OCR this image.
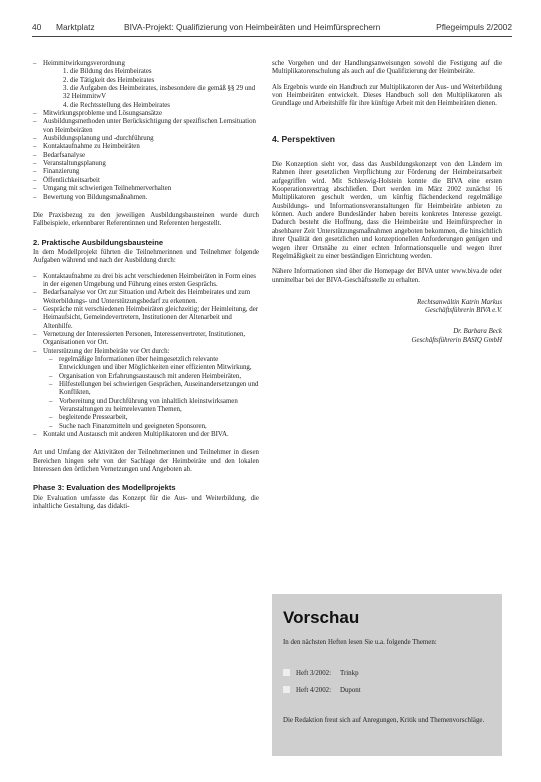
40 Marktplatz	BIVA-Projekt: Qualifizierung von Heimbeiräten und Heimfürsprechern	Pflegeimpuls 2/2002
– Heimmitwirkungsverordnung
1. die Bildung des Heimbeirates
2. die Tätigkeit des Heimbeirates
3. die Aufgaben des Heimbeirates, insbesondere die gemäß §§ 29 und 32 HeimmitwV
4. die Rechtsstellung des Heimbeirates
– Mitwirkungsprobleme und Lösungsansätze
– Ausbildungsmethoden unter Berücksichtigung der spezifischen Lernsituation von Heimbeiräten
– Ausbildungsplanung und -durchführung
– Kontaktaufnahme zu Heimbeiräten
– Bedarfsanalyse
– Veranstaltungsplanung
– Finanzierung
– Öffentlichkeitsarbeit
– Umgang mit schwierigen Teilnehmerverhalten
– Bewertung von Bildungsmaßnahmen.

Die Praxisbezug zu den jeweiligen Ausbildungsbausteinen wurde durch Fallbeispiele, erkennbarer Referentinnen und Referenten hergestellt.

2. Praktische Ausbildungsbausteine

In dem Modellprojekt führten die Teilnehmerinnen und Teilnehmer folgende Aufgaben während und nach der Ausbildung durch:

– Kontaktaufnahme zu drei bis acht verschiedenen Heimbeiräten in Form eines in der eigenen Umgebung und Führung eines ersten Gesprächs.
– Bedarfsanalyse vor Ort zur Situation und Arbeit des Heimbeirates und zum Weiterbildungs- und Unterstützungsbedarf zu erkennen.
– Gespräche mit verschiedenen Heimbeiräten gleichzeitig; der Heimleitung, der Heimaufsicht, Gemeindevertretern, Institutionen der Altenarbeit und Altenhilfe.
– Vernetzung der Interessierten Personen, Interessenvertreter, Institutionen, Organisationen vor Ort.
– Unterstützung der Heimbeiräte vor Ort durch:
– regelmäßige Informationen über heimgesetzlich relevante Entwicklungen und über Möglichkeiten einer effizienten Mitwirkung,
– Organisation von Erfahrungsaustausch mit anderen Heimbeiräten,
– Hilfestellungen bei schwierigen Gesprächen, Auseinandersetzungen und Konflikten,
– Vorbereitung und Durchführung von inhaltlich kleinstwirksamen Veranstaltungen zu heimrelevanten Themen,
– begleitende Pressearbeit,
– Suche nach Finanzmitteln und geeigneten Sponsoren,
– Kontakt und Austausch mit anderen Multiplikatoren und der BIVA.

Art und Umfang der Aktivitäten der Teilnehmerinnen und Teilnehmer in diesen Bereichen hingen sehr von der Sachlage der Heimbeiräte und den lokalen Interessen den örtlichen Vernetzungen und Angeboten ab.

Phase 3: Evaluation des Modellprojekts

Die Evaluation umfasste das Konzept für die Aus- und Weiterbildung, die inhaltliche Gestaltung, das didakti-

sche Vorgehen und der Handlungsanweisungen sowohl die Festigung auf die Multiplikatorenschulung als auch auf die Qualifizierung der Heimbeiräte.

Als Ergebnis wurde ein Handbuch zur Multiplikatoren der Aus- und Weiterbildung von Heimbeiräten entwickelt. Dieses Handbuch soll den Multiplikatoren als Grundlage und Arbeitshilfe für ihre künftige Arbeit mit den Heimbeiräten dienen.

4. Perspektiven

Die Konzeption sieht vor, dass das Ausbildungskonzept von den Ländern im Rahmen ihrer gesetzlichen Verpflichtung zur Förderung der Heimbeiratsarbeit aufgegriffen wird. Mit Schleswig-Holstein konnte die BIVA eine ersten Kooperationsvertrag abschließen. Dort werden im März 2002 zunächst 16 Multiplikatoren geschult werden, um künftig flächendeckend regelmäßige Ausbildungs- und Informationsveranstaltungen für Heimbeiräte anbieten zu können. Auch andere Bundesländer haben bereits konkretes Interesse gezeigt. Dadurch besteht die Hoffnung, dass die Heimbeiräte und Heimfürsprecher in absehbarer Zeit Unterstützungsmaßnahmen angeboten bekommen, die hinsichtlich ihrer Qualität den gesetzlichen und konzeptionellen Anforderungen genügen und wegen ihrer Ortsnähe zu einer echten Informationsquelle und wegen ihrer Regelmäßigkeit zu einer beständigen Einrichtung werden.

Nähere Informationen sind über die Homepage der BIVA unter www.biva.de oder unmittelbar bei der BIVA-Geschäftsstelle zu erhalten.

Rechtsanwältin Katrin Markus
Geschäftsführerin BIVA e.V.
Dr. Barbara Beck
Geschäftsführerin BASIQ GmbH
Vorschau
In den nächsten Heften lesen Sie u.a. folgende Themen:
Heft 3/2002: Trinkp
Heft 4/2002: Dupont
Die Redaktion freut sich auf Anregungen, Kritik und Themenvorschläge.
